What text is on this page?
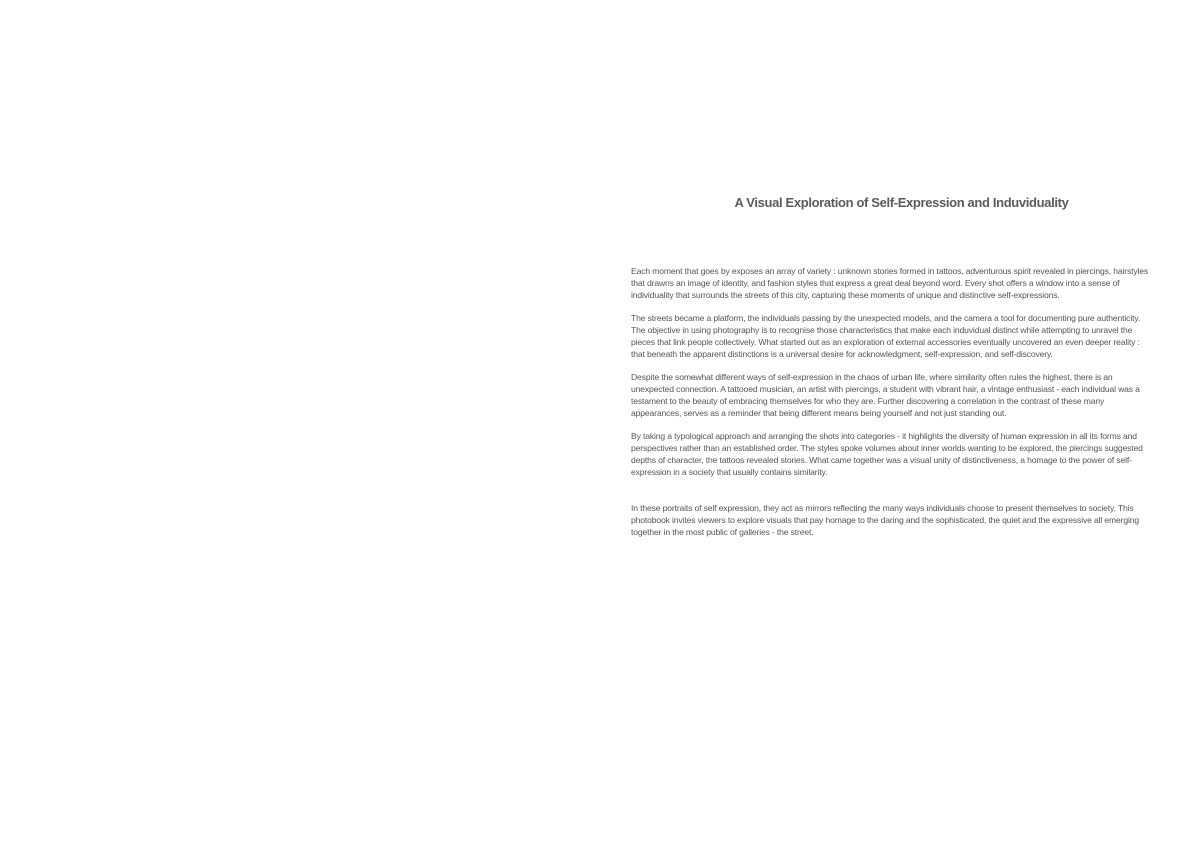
A Visual Exploration of Self-Expression and Induviduality

Each moment that goes by exposes an array of variety : unknown stories formed in tattoos, adventurous spirit revealed in piercings, hairstyles that drawns an image of identity, and fashion styles that express a great deal beyond word. Every shot offers a window into a sense of individuality that surrounds the streets of this city, capturing these moments of unique and distinctive self-expressions.

The streets became a platform, the individuals passing by the unexpected models, and the camera a tool for documenting pure authenticity. The objective in using photography is to recognise those characteristics that make each induvidual distinct while attempting to unravel the pieces that link people collectively. What started out as an exploration of external accessories eventually uncovered an even deeper reality : that beneath the apparent distinctions is a universal desire for acknowledgment, self-expression, and self-discovery.

Despite the somewhat different ways of self-expression in the chaos of urban life, where similarity often rules the highest, there is an unexpected connection. A tattooed musician, an artist with piercings, a student with vibrant hair, a vintage enthusiast - each individual was a testament to the beauty of embracing themselves for who they are. Further discovering a correlation in the contrast of these many appearances, serves as a reminder that being different means being yourself and not just standing out.

By taking a typological approach and arranging the shots into categories - it highlights the diversity of human expression in all its forms and perspectives rather than an established order. The styles spoke volumes about inner worlds wanting to be explored, the piercings suggested depths of character, the tattoos revealed stories. What came together was a visual unity of distinctiveness, a homage to the power of self-expression in a society that usually contains similarity.

In these portraits of self expression, they act as mirrors reflecting the many ways individuals choose to present themselves to society. This photobook invites viewers to explore visuals that pay homage to the daring and the sophisticated, the quiet and the expressive all emerging together in the most public of galleries - the street.
